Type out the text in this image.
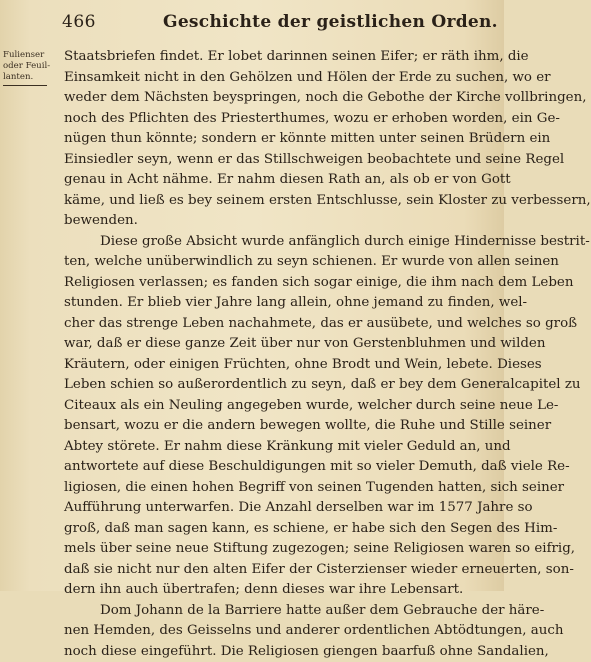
466	Geschichte der geistlichen Orden.
Fulienser
oder Feuil-
lanten.
Staatsbriefen findet. Er lobet darinnen seinen Eifer; er räth ihm, die
Einsamkeit nicht in den Gehölzen und Hölen der Erde zu suchen, wo er
weder dem Nächsten beyspringen, noch die Gebothe der Kirche vollbringen,
noch des Pflichten des Priesterthumes, wozu er erhoben worden, ein Ge-
nügen thun könnte; sondern er könnte mitten unter seinen Brüdern ein
Einsiedler seyn, wenn er das Stillschweigen beobachtete und seine Regel
genau in Acht nähme. Er nahm diesen Rath an, als ob er von Gott
käme, und ließ es bey seinem ersten Entschlusse, sein Kloster zu verbessern,
bewenden.
Diese große Absicht wurde anfänglich durch einige Hindernisse bestrit-
ten, welche unüberwindlich zu seyn schienen. Er wurde von allen seinen
Religiosen verlassen; es fanden sich sogar einige, die ihm nach dem Leben
stunden. Er blieb vier Jahre lang allein, ohne jemand zu finden, wel-
cher das strenge Leben nachahmete, das er ausübete, und welches so groß
war, daß er diese ganze Zeit über nur von Gerstenbluhmen und wilden
Kräutern, oder einigen Früchten, ohne Brodt und Wein, lebete. Dieses
Leben schien so außerordentlich zu seyn, daß er bey dem Generalcapitel zu
Citeaux als ein Neuling angegeben wurde, welcher durch seine neue Le-
bensart, wozu er die andern bewegen wollte, die Ruhe und Stille seiner
Abtey störete. Er nahm diese Kränkung mit vieler Geduld an, und
antwortete auf diese Beschuldigungen mit so vieler Demuth, daß viele Re-
ligiosen, die einen hohen Begriff von seinen Tugenden hatten, sich seiner
Aufführung unterwarfen. Die Anzahl derselben war im 1577 Jahre so
groß, daß man sagen kann, es schiene, er habe sich den Segen des Him-
mels über seine neue Stiftung zugezogen; seine Religiosen waren so eifrig,
daß sie nicht nur den alten Eifer der Cisterzienser wieder erneuerten, son-
dern ihn auch übertrafen; denn dieses war ihre Lebensart.
Dom Johann de la Barriere hatte außer dem Gebrauche der häre-
nen Hemden, des Geisselns und anderer ordentlichen Abtödtungen, auch
noch diese eingeführt. Die Religiosen giengen baarfuß ohne Sandalien,
